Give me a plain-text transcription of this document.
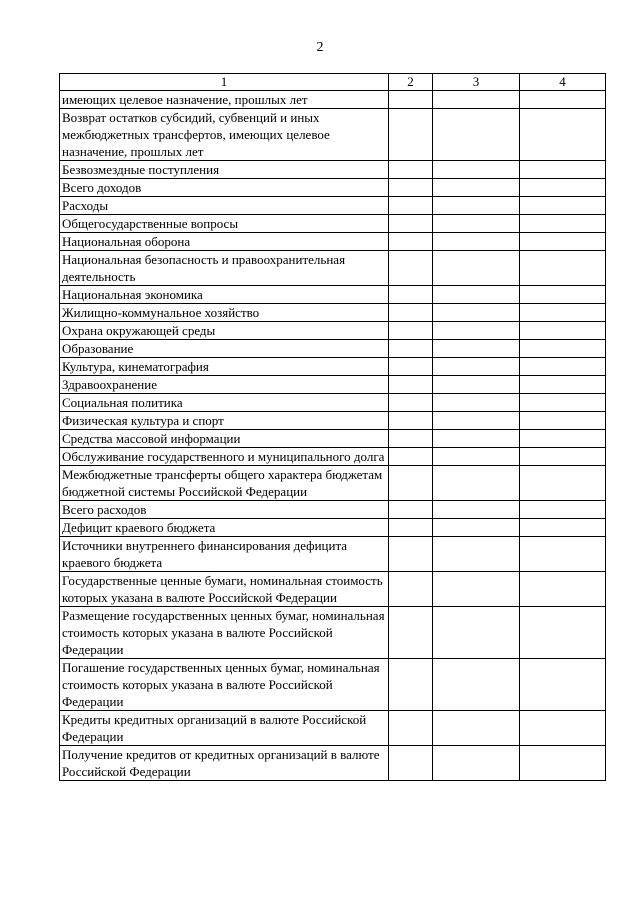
2
1	2	3	4
имеющих целевое назначение, прошлых лет			
Возврат остатков субсидий, субвенций и иных межбюджетных трансфертов, имеющих целевое назначение, прошлых лет			
Безвозмездные поступления			
Всего доходов			
Расходы			
Общегосударственные вопросы			
Национальная оборона			
Национальная безопасность и правоохранительная деятельность			
Национальная экономика			
Жилищно-коммунальное хозяйство			
Охрана окружающей среды			
Образование			
Культура, кинематография			
Здравоохранение			
Социальная политика			
Физическая культура и спорт			
Средства массовой информации			
Обслуживание государственного и муниципального долга			
Межбюджетные трансферты общего характера бюджетам бюджетной системы Российской Федерации			
Всего расходов			
Дефицит краевого бюджета			
Источники внутреннего финансирования дефицита краевого бюджета			
Государственные ценные бумаги, номинальная стоимость которых указана в валюте Российской Федерации			
Размещение государственных ценных бумаг, номинальная стоимость которых указана в валюте Российской Федерации			
Погашение государственных ценных бумаг, номинальная стоимость которых указана в валюте Российской Федерации			
Кредиты кредитных организаций в валюте Российской Федерации			
Получение кредитов от кредитных организаций в валюте Российской Федерации			
